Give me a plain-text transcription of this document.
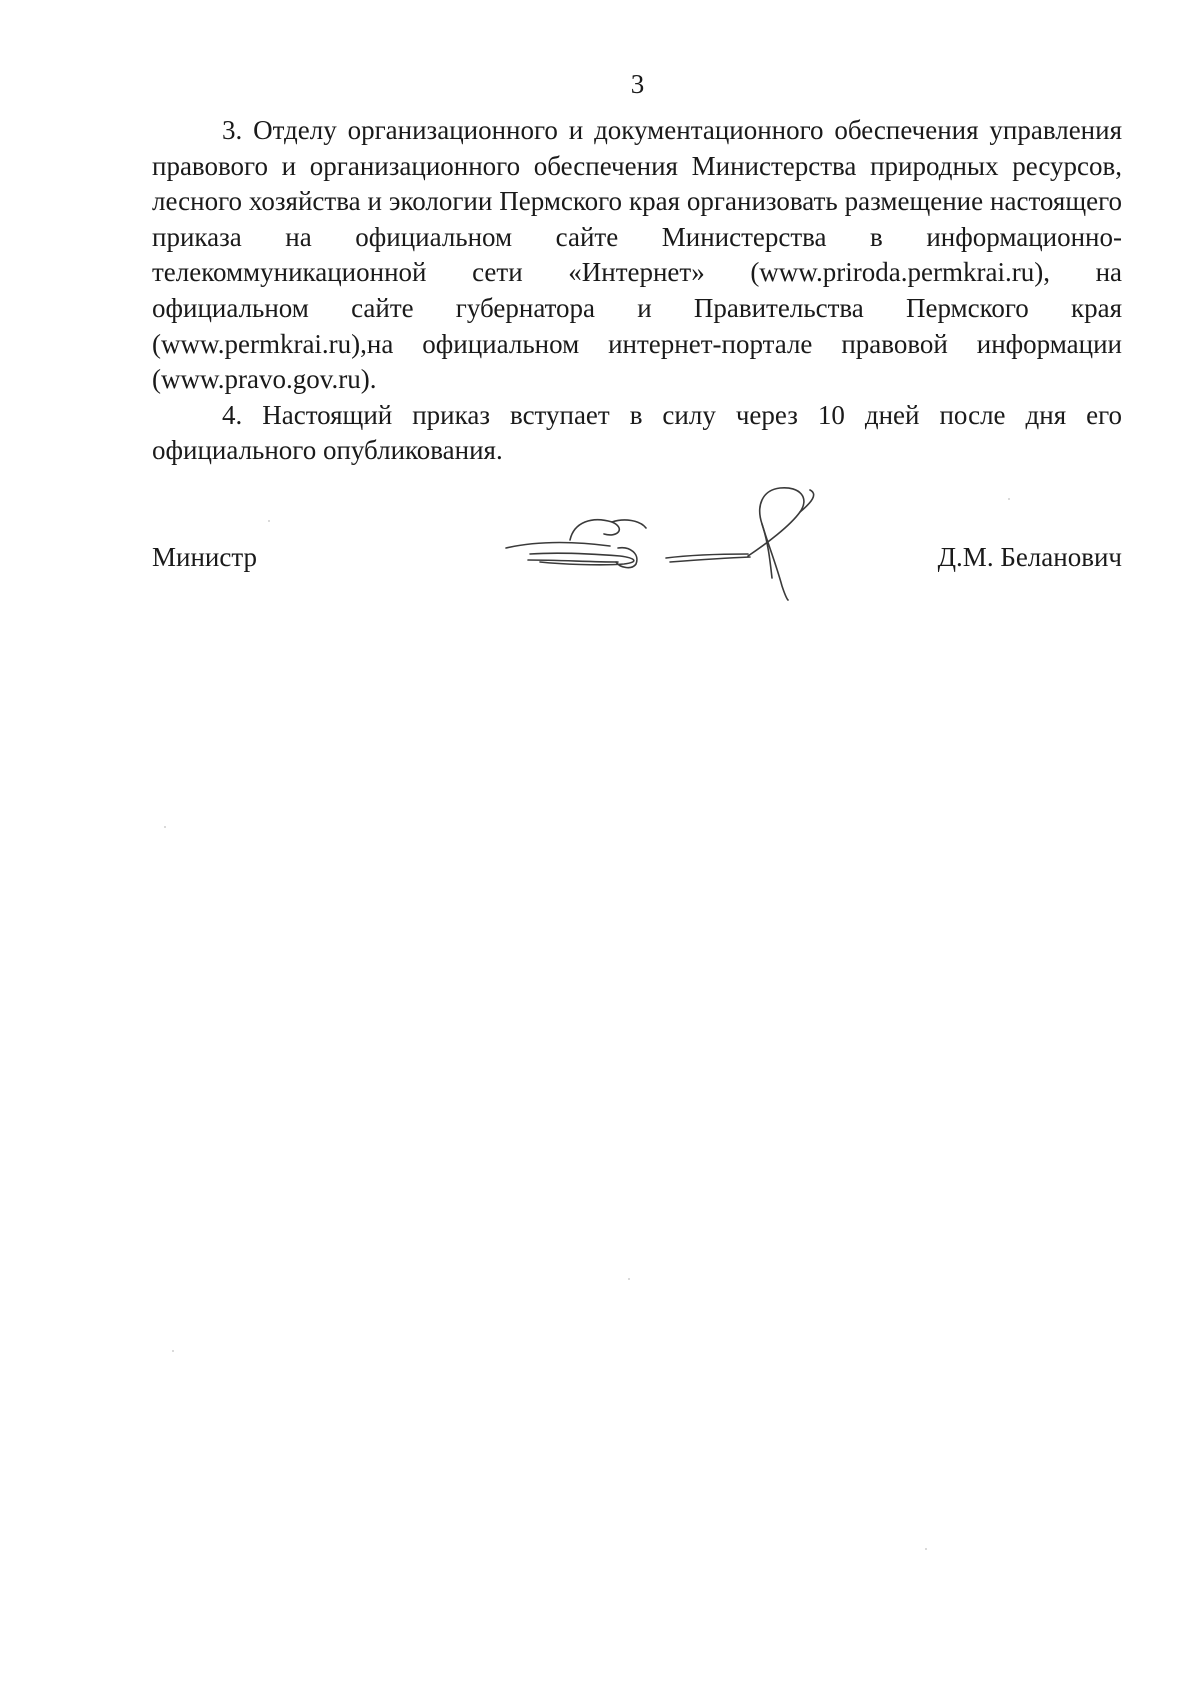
3

3. Отделу организационного и документационного обеспечения управления правового и организационного обеспечения Министерства природных ресурсов, лесного хозяйства и экологии Пермского края организовать размещение настоящего приказа на официальном сайте Министерства в информационно-телекоммуникационной сети «Интернет» (www.priroda.permkrai.ru), на официальном сайте губернатора и Правительства Пермского края (www.permkrai.ru),на официальном интернет-портале правовой информации (www.pravo.gov.ru).

4. Настоящий приказ вступает в силу через 10 дней после дня его официального опубликования.

Министр	Д.М. Беланович
